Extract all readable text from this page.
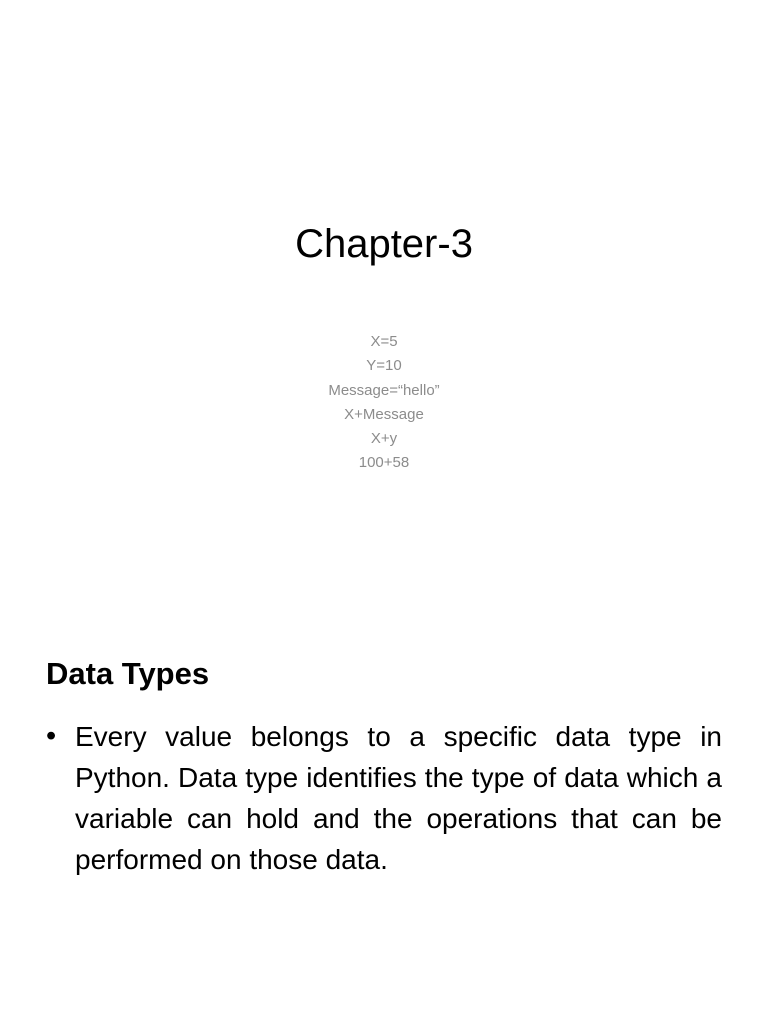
Chapter-3
X=5
Y=10
Message=“hello”
X+Message
X+y
100+58
Data Types
• Every value belongs to a specific data type in Python. Data type identifies the type of data which a variable can hold and the operations that can be performed on those data.
